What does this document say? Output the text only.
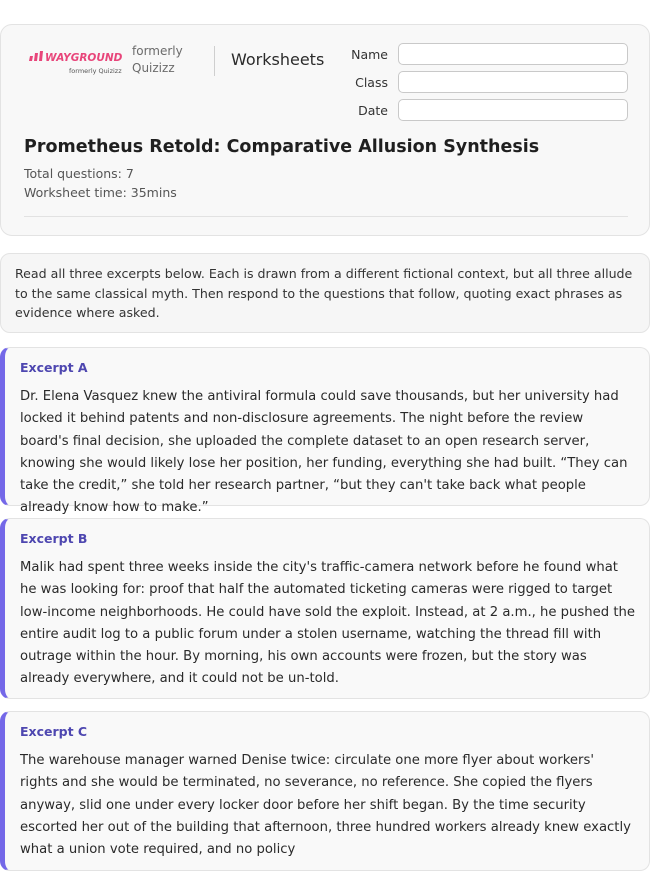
WAYGROUND
formerly Quizizz
formerly
Quizizz	Worksheets	Name
Class
Date
Prometheus Retold: Comparative Allusion Synthesis
Total questions: 7
Worksheet time: 35mins
Read all three excerpts below. Each is drawn from a different fictional context, but all three allude to the same classical myth. Then respond to the questions that follow, quoting exact phrases as evidence where asked.
Excerpt A
Dr. Elena Vasquez knew the antiviral formula could save thousands, but her university had locked it behind patents and non-disclosure agreements. The night before the review board's final decision, she uploaded the complete dataset to an open research server, knowing she would likely lose her position, her funding, everything she had built. “They can take the credit,” she told her research partner, “but they can't take back what people already know how to make.”
Excerpt B
Malik had spent three weeks inside the city's traffic-camera network before he found what he was looking for: proof that half the automated ticketing cameras were rigged to target low-income neighborhoods. He could have sold the exploit. Instead, at 2 a.m., he pushed the entire audit log to a public forum under a stolen username, watching the thread fill with outrage within the hour. By morning, his own accounts were frozen, but the story was already everywhere, and it could not be un-told.
Excerpt C
The warehouse manager warned Denise twice: circulate one more flyer about workers' rights and she would be terminated, no severance, no reference. She copied the flyers anyway, slid one under every locker door before her shift began. By the time security escorted her out of the building that afternoon, three hundred workers already knew exactly what a union vote required, and no policy
